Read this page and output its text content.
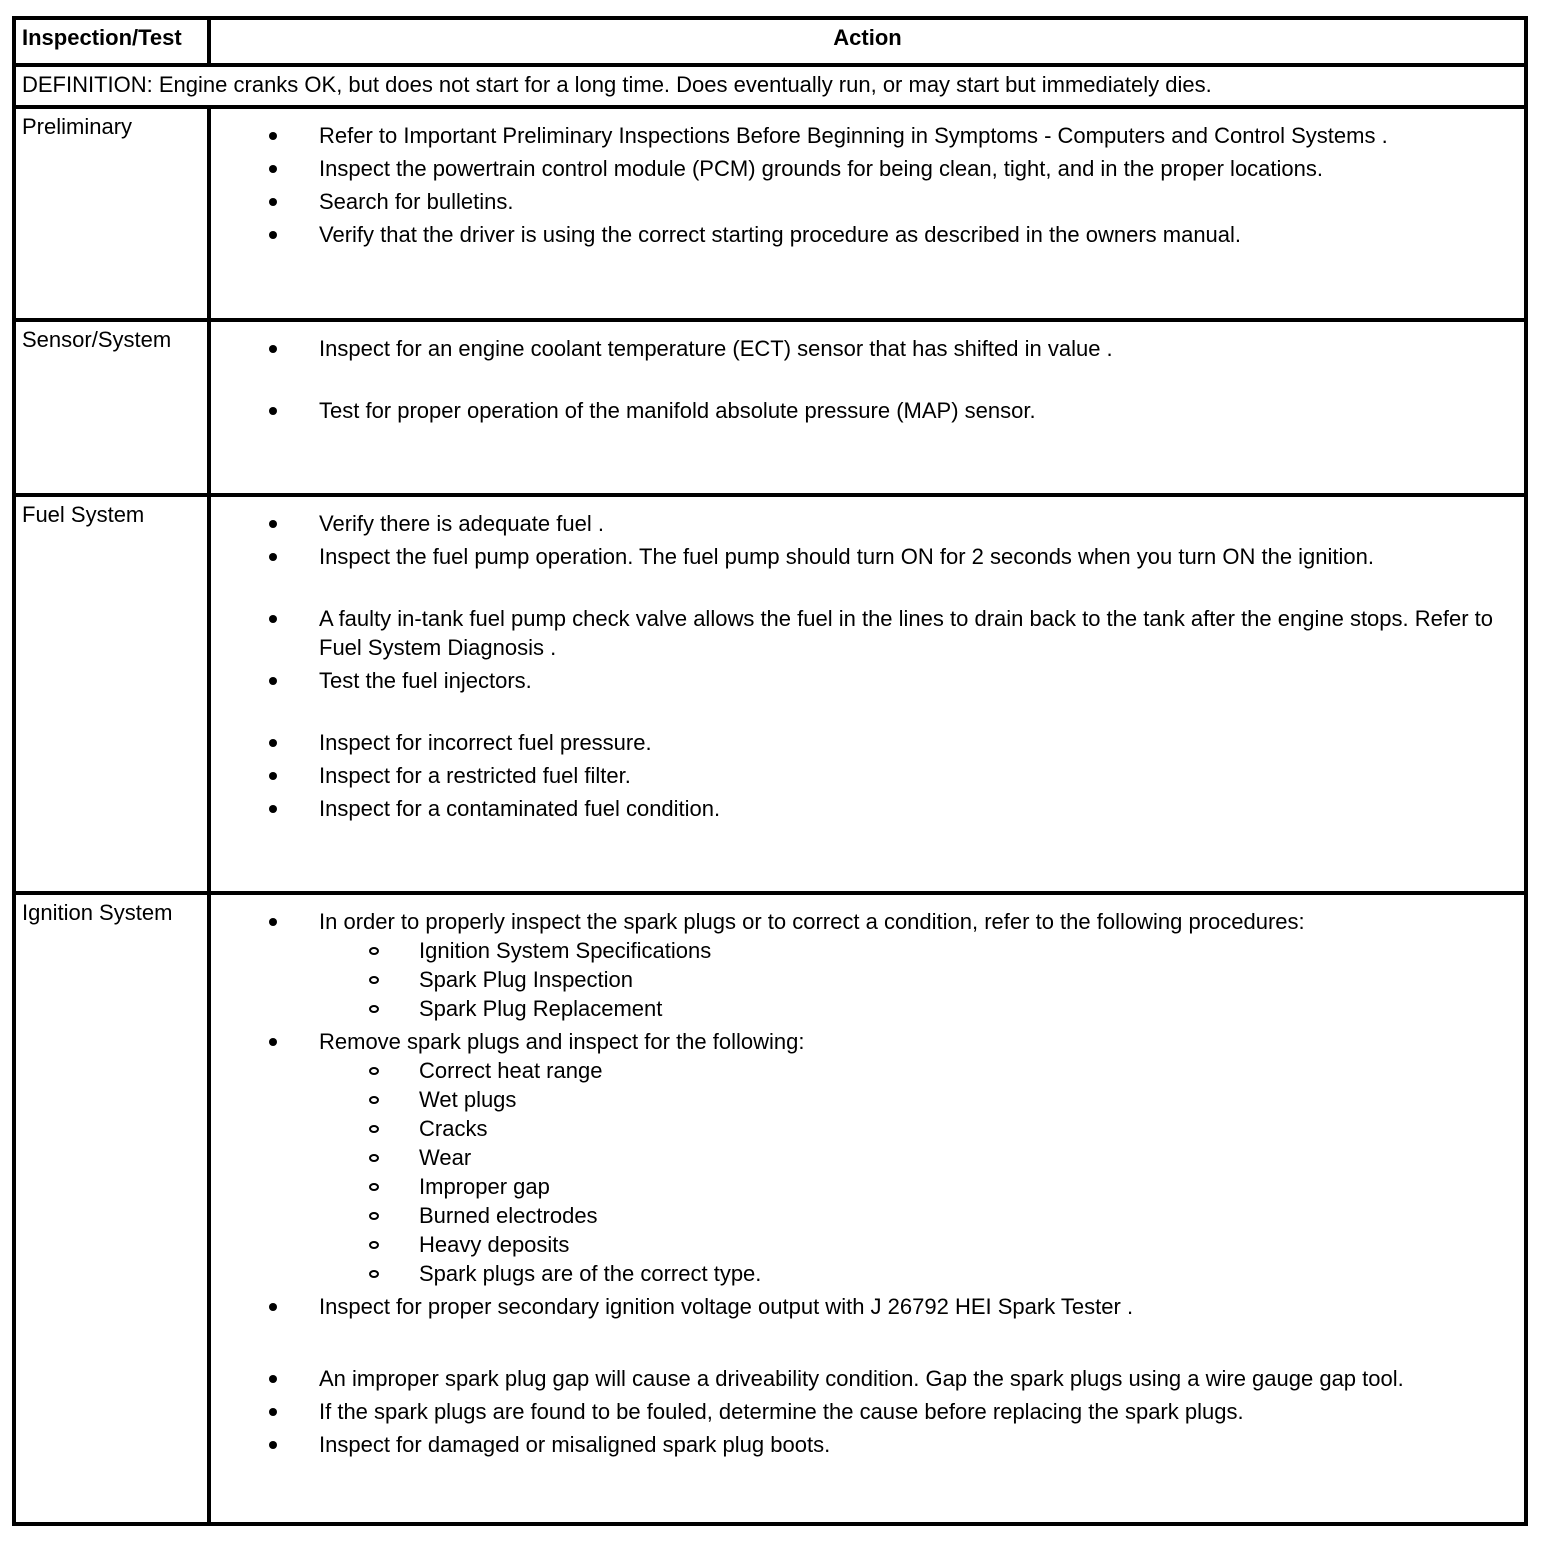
Inspection/Test	Action
DEFINITION: Engine cranks OK, but does not start for a long time. Does eventually run, or may start but immediately dies.
Preliminary	Refer to Important Preliminary Inspections Before Beginning in Symptoms - Computers and Control Systems .
Inspect the powertrain control module (PCM) grounds for being clean, tight, and in the proper locations.
Search for bulletins.
Verify that the driver is using the correct starting procedure as described in the owners manual.
Sensor/System	Inspect for an engine coolant temperature (ECT) sensor that has shifted in value .
Test for proper operation of the manifold absolute pressure (MAP) sensor.
Fuel System	Verify there is adequate fuel .
Inspect the fuel pump operation. The fuel pump should turn ON for 2 seconds when you turn ON the ignition.
A faulty in-tank fuel pump check valve allows the fuel in the lines to drain back to the tank after the engine stops. Refer to Fuel System Diagnosis .
Test the fuel injectors.
Inspect for incorrect fuel pressure.
Inspect for a restricted fuel filter.
Inspect for a contaminated fuel condition.
Ignition System	In order to properly inspect the spark plugs or to correct a condition, refer to the following procedures:
Ignition System Specifications
Spark Plug Inspection
Spark Plug Replacement
Remove spark plugs and inspect for the following:
Correct heat range
Wet plugs
Cracks
Wear
Improper gap
Burned electrodes
Heavy deposits
Spark plugs are of the correct type.
Inspect for proper secondary ignition voltage output with J 26792 HEI Spark Tester .
An improper spark plug gap will cause a driveability condition. Gap the spark plugs using a wire gauge gap tool.
If the spark plugs are found to be fouled, determine the cause before replacing the spark plugs.
Inspect for damaged or misaligned spark plug boots.
